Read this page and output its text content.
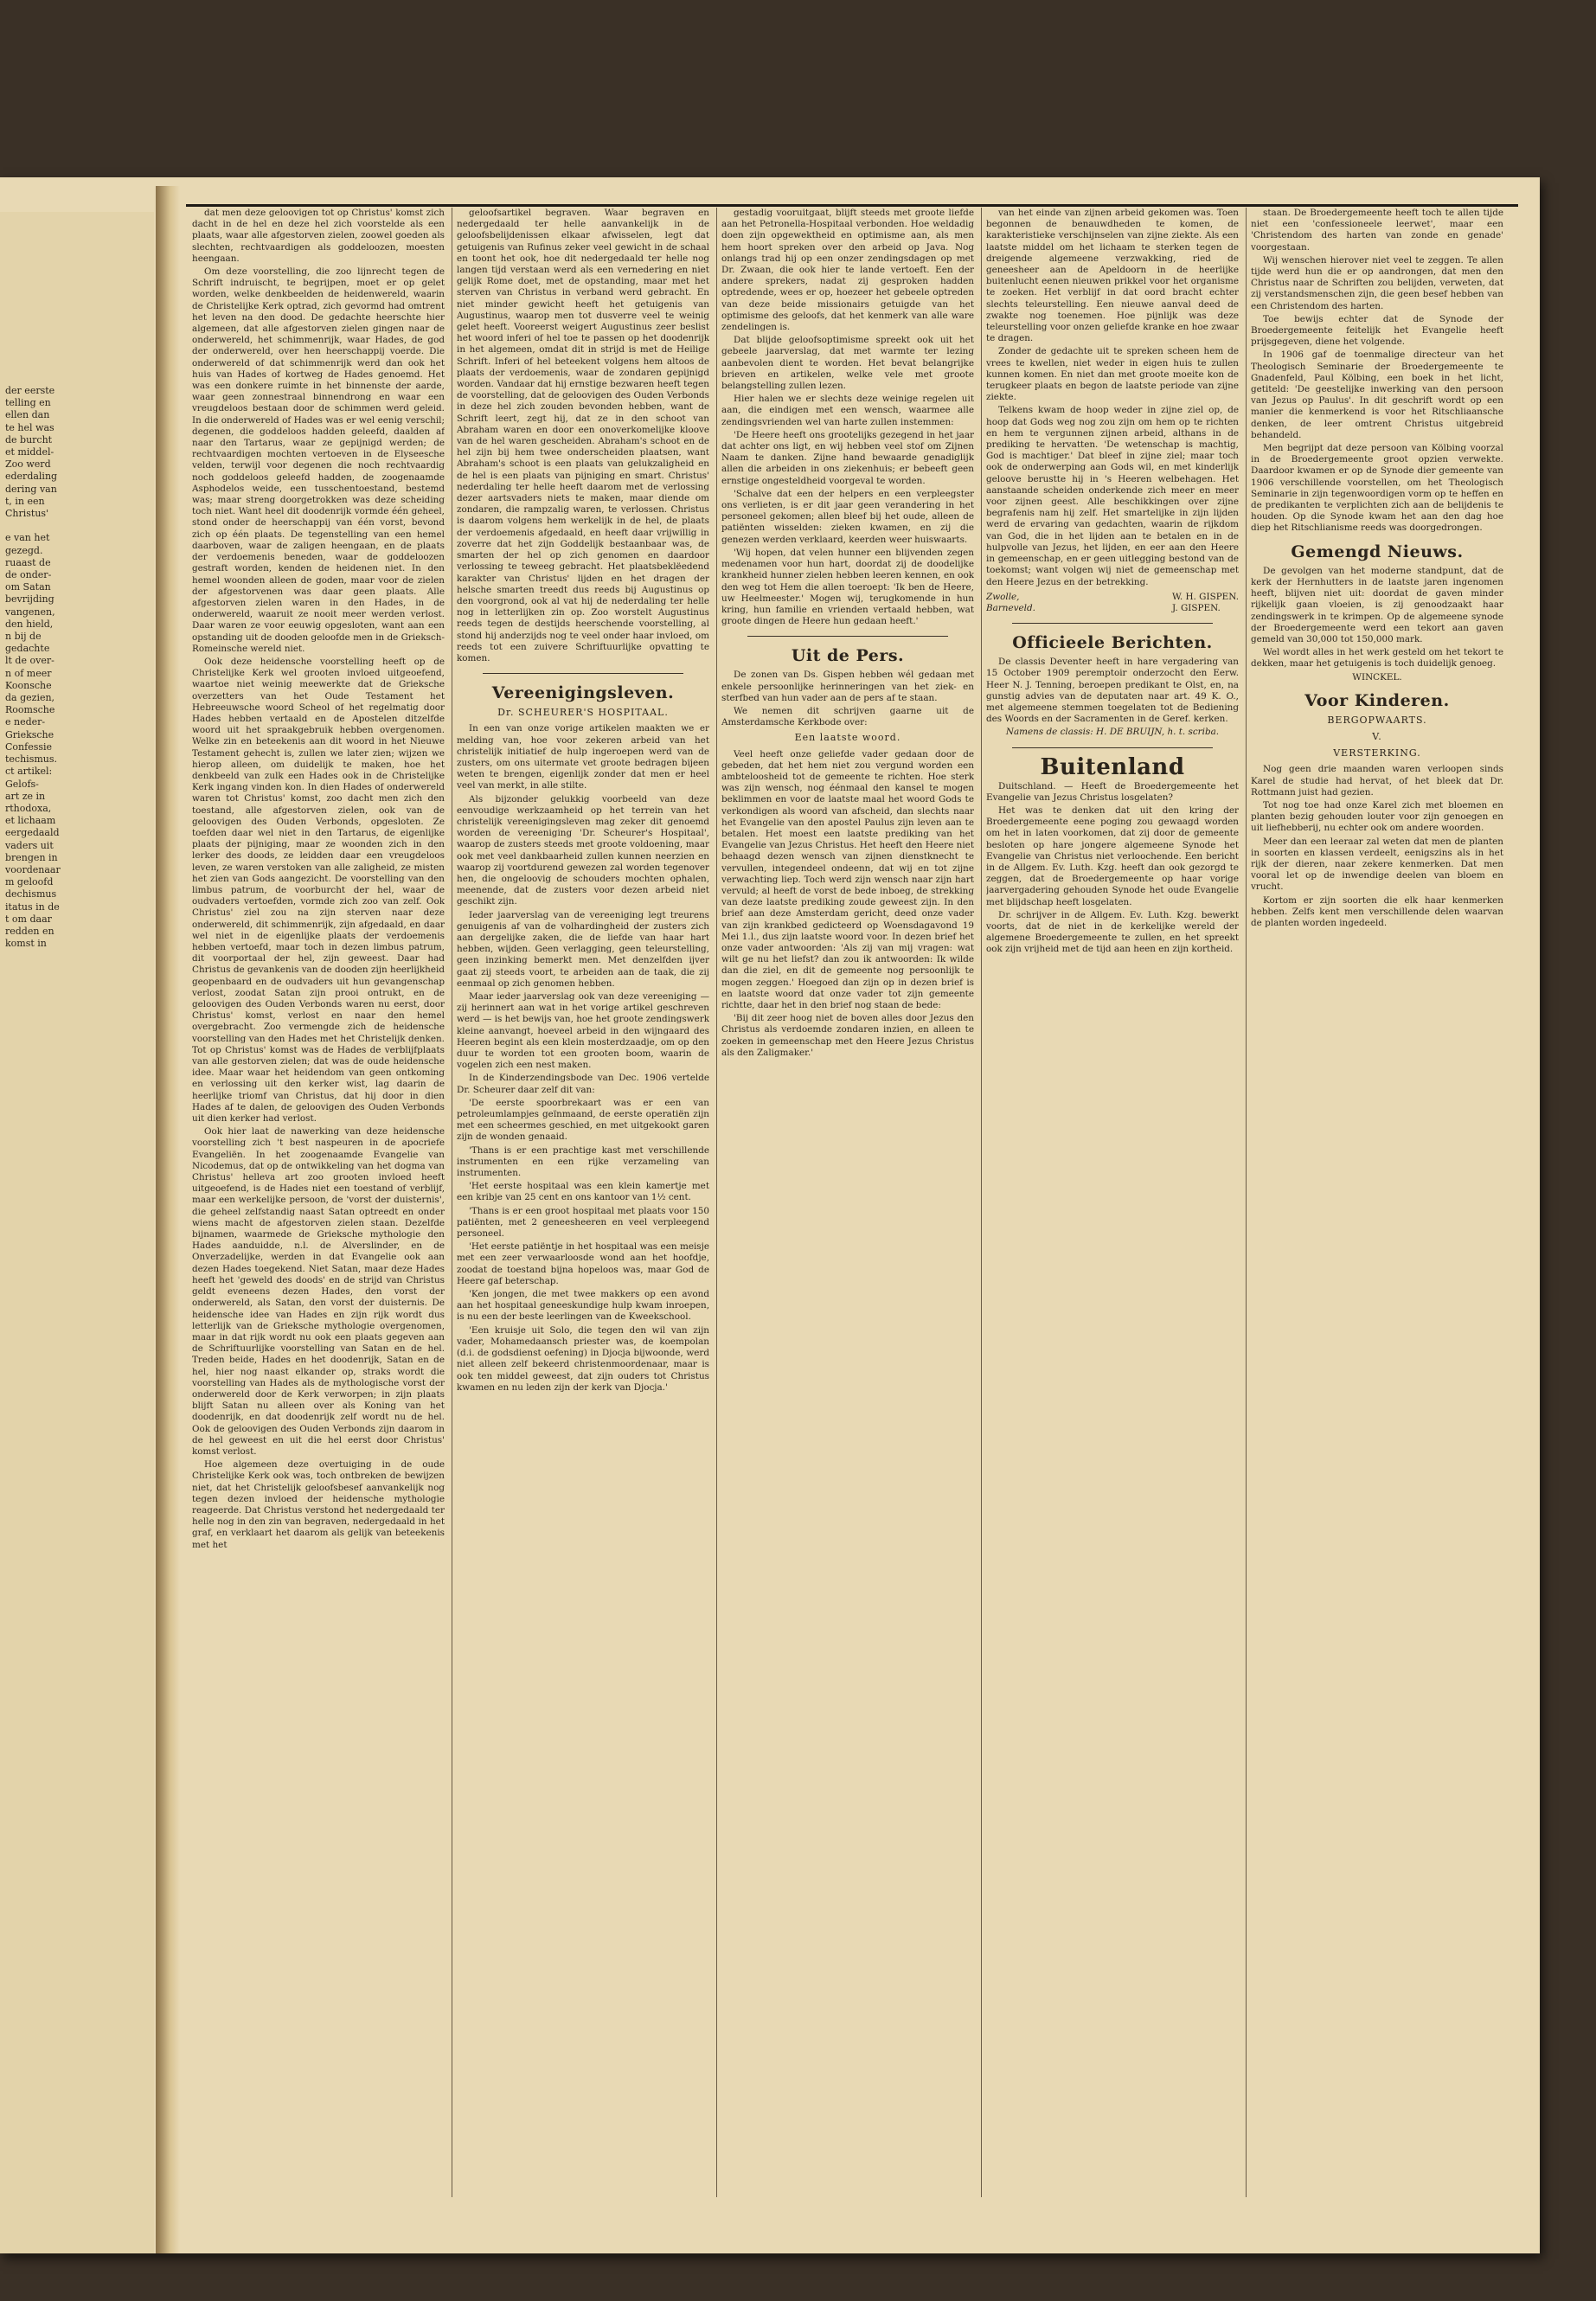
der eerste
telling en
ellen dan
te hel was
de burcht
et middel-
Zoo werd
ederdaling
dering van
t, in een
Christus'

e van het
gezegd.
ruaast de
de onder-
om Satan
bevrijding
vangenen,
den hield,
n bij de
gedachte
lt de over-
n of meer
Koonsche
da gezien,
Roomsche
e neder-
Grieksche
Confessie
techismus.
ct artikel:
Gelofs-
art ze in
rthodoxa,
et lichaam
eergedaald
vaders uit
brengen in
voordenaar
m geloofd
dechismus
itatus in de
t om daar
redden en
komst in

dat men deze geloovigen tot op Christus' komst zich dacht in de hel en deze hel zich voorstelde als een plaats, waar alle afgestorven zielen, zoowel goeden als slechten, rechtvaardigen als goddeloozen, moesten heengaan.

Om deze voorstelling, die zoo lijnrecht tegen de Schrift indruischt, te begrijpen, moet er op gelet worden, welke denkbeelden de heidenwereld, waarin de Christelijke Kerk optrad, zich gevormd had omtrent het leven na den dood. De gedachte heerschte hier algemeen, dat alle afgestorven zielen gingen naar de onderwereld, het schimmenrijk, waar Hades, de god der onderwereld, over hen heerschappij voerde. Die onderwereld of dat schimmenrijk werd dan ook het huis van Hades of kortweg de Hades genoemd. Het was een donkere ruimte in het binnenste der aarde, waar geen zonnestraal binnendrong en waar een vreugdeloos bestaan door de schimmen werd geleid. In die onderwereld of Hades was er wel eenig verschil; degenen, die goddeloos hadden geleefd, daalden af naar den Tartarus, waar ze gepijnigd werden; de rechtvaardigen mochten vertoeven in de Elyseesche velden, terwijl voor degenen die noch rechtvaardig noch goddeloos geleefd hadden, de zoogenaamde Asphodelos weide, een tusschentoestand, bestemd was; maar streng doorgetrokken was deze scheiding toch niet. Want heel dit doodenrijk vormde één geheel, stond onder de heerschappij van één vorst, bevond zich op één plaats. De tegenstelling van een hemel daarboven, waar de zaligen heengaan, en de plaats der verdoemenis beneden, waar de goddeloozen gestraft worden, kenden de heidenen niet. In den hemel woonden alleen de goden, maar voor de zielen der afgestorvenen was daar geen plaats. Alle afgestorven zielen waren in den Hades, in de onderwereld, waaruit ze nooit meer werden verlost. Daar waren ze voor eeuwig opgesloten, want aan een opstanding uit de dooden geloofde men in de Grieksch-Romeinsche wereld niet.

Ook deze heidensche voorstelling heeft op de Christelijke Kerk wel grooten invloed uitgeoefend, waartoe niet weinig meewerkte dat de Grieksche overzetters van het Oude Testament het Hebreeuwsche woord Scheol of het regelmatig door Hades hebben vertaald en de Apostelen ditzelfde woord uit het spraakgebruik hebben overgenomen. Welke zin en beteekenis aan dit woord in het Nieuwe Testament gehecht is, zullen we later zien; wijzen we hierop alleen, om duidelijk te maken, hoe het denkbeeld van zulk een Hades ook in de Christelijke Kerk ingang vinden kon. In dien Hades of onderwereld waren tot Christus' komst, zoo dacht men zich den toestand, alle afgestorven zielen, ook van de geloovigen des Ouden Verbonds, opgesloten. Ze toefden daar wel niet in den Tartarus, de eigenlijke plaats der pijniging, maar ze woonden zich in den lerker des doods, ze leidden daar een vreugdeloos leven, ze waren verstoken van alle zaligheid, ze misten het zien van Gods aangezicht. De voorstelling van den limbus patrum, de voorburcht der hel, waar de oudvaders vertoefden, vormde zich zoo van zelf. Ook Christus' ziel zou na zijn sterven naar deze onderwereld, dit schimmenrijk, zijn afgedaald, en daar wel niet in de eigenlijke plaats der verdoemenis hebben vertoefd, maar toch in dezen limbus patrum, dit voorportaal der hel, zijn geweest. Daar had Christus de gevankenis van de dooden zijn heerlijkheid geopenbaard en de oudvaders uit hun gevangenschap verlost, zoodat Satan zijn prooi ontrukt, en de geloovigen des Ouden Verbonds waren nu eerst, door Christus' komst, verlost en naar den hemel overgebracht. Zoo vermengde zich de heidensche voorstelling van den Hades met het Christelijk denken. Tot op Christus' komst was de Hades de verblijfplaats van alle gestorven zielen; dat was de oude heidensche idee. Maar waar het heidendom van geen ontkoming en verlossing uit den kerker wist, lag daarin de heerlijke triomf van Christus, dat hij door in dien Hades af te dalen, de geloovigen des Ouden Verbonds uit dien kerker had verlost.

Ook hier laat de nawerking van deze heidensche voorstelling zich 't best naspeuren in de apocriefe Evangeliën. In het zoogenaamde Evangelie van Nicodemus, dat op de ontwikkeling van het dogma van Christus' helleva art zoo grooten invloed heeft uitgeoefend, is de Hades niet een toestand of verblijf, maar een werkelijke persoon, de 'vorst der duisternis', die geheel zelfstandig naast Satan optreedt en onder wiens macht de afgestorven zielen staan. Dezelfde bijnamen, waarmede de Grieksche mythologie den Hades aanduidde, n.l. de Alverslinder, en de Onverzadelijke, werden in dat Evangelie ook aan dezen Hades toegekend. Niet Satan, maar deze Hades heeft het 'geweld des doods' en de strijd van Christus geldt eveneens dezen Hades, den vorst der onderwereld, als Satan, den vorst der duisternis. De heidensche idee van Hades en zijn rijk wordt dus letterlijk van de Grieksche mythologie overgenomen, maar in dat rijk wordt nu ook een plaats gegeven aan de Schriftuurlijke voorstelling van Satan en de hel. Treden beide, Hades en het doodenrijk, Satan en de hel, hier nog naast elkander op, straks wordt die voorstelling van Hades als de mythologische vorst der onderwereld door de Kerk verworpen; in zijn plaats blijft Satan nu alleen over als Koning van het doodenrijk, en dat doodenrijk zelf wordt nu de hel. Ook de geloovigen des Ouden Verbonds zijn daarom in de hel geweest en uit die hel eerst door Christus' komst verlost.

Hoe algemeen deze overtuiging in de oude Christelijke Kerk ook was, toch ontbreken de bewijzen niet, dat het Christelijk geloofsbesef aanvankelijk nog tegen dezen invloed der heidensche mythologie reageerde. Dat Christus verstond het nedergedaald ter helle nog in den zin van begraven, nedergedaald in het graf, en verklaart het daarom als gelijk van beteekenis met het

geloofsartikel begraven. Waar begraven en nedergedaald ter helle aanvankelijk in de geloofsbelijdenissen elkaar afwisselen, legt dat getuigenis van Rufinus zeker veel gewicht in de schaal en toont het ook, hoe dit nedergedaald ter helle nog langen tijd verstaan werd als een vernedering en niet gelijk Rome doet, met de opstanding, maar met het sterven van Christus in verband werd gebracht. En niet minder gewicht heeft het getuigenis van Augustinus, waarop men tot dusverre veel te weinig gelet heeft. Vooreerst weigert Augustinus zeer beslist het woord inferi of hel toe te passen op het doodenrijk in het algemeen, omdat dit in strijd is met de Heilige Schrift. Inferi of hel beteekent volgens hem altoos de plaats der verdoemenis, waar de zondaren gepijnigd worden. Vandaar dat hij ernstige bezwaren heeft tegen de voorstelling, dat de geloovigen des Ouden Verbonds in deze hel zich zouden bevonden hebben, want de Schrift leert, zegt hij, dat ze in den schoot van Abraham waren en door een onoverkomelijke kloove van de hel waren gescheiden. Abraham's schoot en de hel zijn bij hem twee onderscheiden plaatsen, want Abraham's schoot is een plaats van gelukzaligheid en de hel is een plaats van pijniging en smart. Christus' nederdaling ter helle heeft daarom met de verlossing dezer aartsvaders niets te maken, maar diende om zondaren, die rampzalig waren, te verlossen. Christus is daarom volgens hem werkelijk in de hel, de plaats der verdoemenis afgedaald, en heeft daar vrijwillig in zoverre dat het zijn Goddelijk bestaanbaar was, de smarten der hel op zich genomen en daardoor verlossing te teweeg gebracht. Het plaatsbeklëedend karakter van Christus' lijden en het dragen der helsche smarten treedt dus reeds bij Augustinus op den voorgrond, ook al vat hij de nederdaling ter helle nog in letterlijken zin op. Zoo worstelt Augustinus reeds tegen de destijds heerschende voorstelling, al stond hij anderzijds nog te veel onder haar invloed, om reeds tot een zuivere Schriftuurlijke opvatting te komen.

Vereenigingsleven.
Dr. SCHEURER'S HOSPITAAL.

In een van onze vorige artikelen maakten we er melding van, hoe voor zekeren arbeid van het christelijk initiatief de hulp ingeroepen werd van de zusters, om ons uitermate vet groote bedragen bijeen weten te brengen, eigenlijk zonder dat men er heel veel van merkt, in alle stilte.

Als bijzonder gelukkig voorbeeld van deze eenvoudige werkzaamheid op het terrein van het christelijk vereenigingsleven mag zeker dit genoemd worden de vereeniging 'Dr. Scheurer's Hospitaal', waarop de zusters steeds met groote voldoening, maar ook met veel dankbaarheid zullen kunnen neerzien en waarop zij voortdurend gewezen zal worden tegenover hen, die ongeloovig de schouders mochten ophalen, meenende, dat de zusters voor dezen arbeid niet geschikt zijn.

Ieder jaarverslag van de vereeniging legt treurens genuigenis af van de volhardingheid der zusters zich aan dergelijke zaken, die de liefde van haar hart hebben, wijden. Geen verlagging, geen teleurstelling, geen inzinking bemerkt men. Met denzelfden ijver gaat zij steeds voort, te arbeiden aan de taak, die zij eenmaal op zich genomen hebben.

Maar ieder jaarverslag ook van deze vereeniging — zij herinnert aan wat in het vorige artikel geschreven werd — is het bewijs van, hoe het groote zendingswerk kleine aanvangt, hoeveel arbeid in den wijngaard des Heeren begint als een klein mosterdzaadje, om op den duur te worden tot een grooten boom, waarin de vogelen zich een nest maken.

In de Kinderzendingsbode van Dec. 1906 vertelde Dr. Scheurer daar zelf dit van:

'De eerste spoorbrekaart was er een van petroleumlampjes geïnmaand, de eerste operatiën zijn met een scheermes geschied, en met uitgekookt garen zijn de wonden genaaid.

'Thans is er een prachtige kast met verschillende instrumenten en een rijke verzameling van instrumenten.

'Het eerste hospitaal was een klein kamertje met een kribje van 25 cent en ons kantoor van 1½ cent.

'Thans is er een groot hospitaal met plaats voor 150 patiënten, met 2 geneesheeren en veel verpleegend personeel.

'Het eerste patiëntje in het hospitaal was een meisje met een zeer verwaarloosde wond aan het hoofdje, zoodat de toestand bijna hopeloos was, maar God de Heere gaf beterschap.

'Ken jongen, die met twee makkers op een avond aan het hospitaal geneeskundige hulp kwam inroepen, is nu een der beste leerlingen van de Kweekschool.

'Een kruisje uit Solo, die tegen den wil van zijn vader, Mohamedaansch priester was, de koempolan (d.i. de godsdienst oefening) in Djocja bijwoonde, werd niet alleen zelf bekeerd christenmoordenaar, maar is ook ten middel geweest, dat zijn ouders tot Christus kwamen en nu leden zijn der kerk van Djocja.'

gestadig vooruitgaat, blijft steeds met groote liefde aan het Petronella-Hospitaal verbonden. Hoe weldadig doen zijn opgewektheid en optimisme aan, als men hem hoort spreken over den arbeid op Java. Nog onlangs trad hij op een onzer zendingsdagen op met Dr. Zwaan, die ook hier te lande vertoeft. Een der andere sprekers, nadat zij gesproken hadden optredende, wees er op, hoezeer het gebeele optreden van deze beide missionairs getuigde van het optimisme des geloofs, dat het kenmerk van alle ware zendelingen is.

Dat blijde geloofsoptimisme spreekt ook uit het gebeele jaarverslag, dat met warmte ter lezing aanbevolen dient te worden. Het bevat belangrijke brieven en artikelen, welke vele met groote belangstelling zullen lezen.

Hier halen we er slechts deze weinige regelen uit aan, die eindigen met een wensch, waarmee alle zendingsvrienden wel van harte zullen instemmen:

'De Heere heeft ons grootelijks gezegend in het jaar dat achter ons ligt, en wij hebben veel stof om Zijnen Naam te danken. Zijne hand bewaarde genadiglijk allen die arbeiden in ons ziekenhuis; er bebeeft geen ernstige ongesteldheid voorgeval te worden.

'Schalve dat een der helpers en een verpleegster ons verlieten, is er dit jaar geen verandering in het personeel gekomen; allen bleef bij het oude, alleen de patiënten wisselden: zieken kwamen, en zij die genezen werden verklaard, keerden weer huiswaarts.

'Wij hopen, dat velen hunner een blijvenden zegen medenamen voor hun hart, doordat zij de doodelijke krankheid hunner zielen hebben leeren kennen, en ook den weg tot Hem die allen toeroept: 'Ik ben de Heere, uw Heelmeester.' Mogen wij, terugkomende in hun kring, hun familie en vrienden vertaald hebben, wat groote dingen de Heere hun gedaan heeft.'

Uit de Pers.

De zonen van Ds. Gispen hebben wél gedaan met enkele persoonlijke herinneringen van het ziek- en sterfbed van hun vader aan de pers af te staan.

We nemen dit schrijven gaarne uit de Amsterdamsche Kerkbode over:

Een laatste woord.

Veel heeft onze geliefde vader gedaan door de gebeden, dat het hem niet zou vergund worden een ambteloosheid tot de gemeente te richten. Hoe sterk was zijn wensch, nog éénmaal den kansel te mogen beklimmen en voor de laatste maal het woord Gods te verkondigen als woord van afscheid, dan slechts naar het Evangelie van den apostel Paulus zijn leven aan te betalen. Het moest een laatste prediking van het Evangelie van Jezus Christus. Het heeft den Heere niet behaagd dezen wensch van zijnen dienstknecht te vervullen, integendeel ondeenn, dat wij en tot zijne verwachting liep. Toch werd zijn wensch naar zijn hart vervuld; al heeft de vorst de bede inboeg, de strekking van deze laatste prediking zoude geweest zijn. In den brief aan deze Amsterdam gericht, deed onze vader van zijn krankbed gedicteerd op Woensdagavond 19 Mei 1.l., dus zijn laatste woord voor. In dezen brief het onze vader antwoorden: 'Als zij van mij vragen: wat wilt ge nu het liefst? dan zou ik antwoorden: Ik wilde dan die ziel, en dit de gemeente nog persoonlijk te mogen zeggen.' Hoegoed dan zijn op in dezen brief is en laatste woord dat onze vader tot zijn gemeente richtte, daar het in den brief nog staan de bede:

'Bij dit zeer hoog niet de boven alles door Jezus den Christus als verdoemde zondaren inzien, en alleen te zoeken in gemeenschap met den Heere Jezus Christus als den Zaligmaker.'

van het einde van zijnen arbeid gekomen was. Toen begonnen de benauwdheden te komen, de karakteristieke verschijnselen van zijne ziekte. Als een laatste middel om het lichaam te sterken tegen de dreigende algemeene verzwakking, ried de geneesheer aan de Apeldoorn in de heerlijke buitenlucht eenen nieuwen prikkel voor het organisme te zoeken. Het verblijf in dat oord bracht echter slechts teleurstelling. Een nieuwe aanval deed de zwakte nog toenemen. Hoe pijnlijk was deze teleurstelling voor onzen geliefde kranke en hoe zwaar te dragen.

Zonder de gedachte uit te spreken scheen hem de vrees te kwellen, niet weder in eigen huis te zullen kunnen komen. En niet dan met groote moeite kon de terugkeer plaats en begon de laatste periode van zijne ziekte.

Telkens kwam de hoop weder in zijne ziel op, de hoop dat Gods weg nog zou zijn om hem op te richten en hem te vergunnen zijnen arbeid, althans in de prediking te hervatten. 'De wetenschap is machtig, God is machtiger.' Dat bleef in zijne ziel; maar toch ook de onderwerping aan Gods wil, en met kinderlijk geloove berustte hij in 's Heeren welbehagen. Het aanstaande scheiden onderkende zich meer en meer voor zijnen geest. Alle beschikkingen over zijne begrafenis nam hij zelf. Het smartelijke in zijn lijden werd de ervaring van gedachten, waarin de rijkdom van God, die in het lijden aan te betalen en in de hulpvolle van Jezus, het lijden, en eer aan den Heere in gemeenschap, en er geen uitlegging bestond van de toekomst; want volgen wij niet de gemeenschap met den Heere Jezus en der betrekking.

Zwolle,
Barneveld.
W. H. GISPEN.
J. GISPEN.
Officieele Berichten.

De classis Deventer heeft in hare vergadering van 15 October 1909 peremptoir onderzocht den Eerw. Heer N. J. Tenning, beroepen predikant te Olst, en, na gunstig advies van de deputaten naar art. 49 K. O., met algemeene stemmen toegelaten tot de Bediening des Woords en der Sacramenten in de Geref. kerken.

Namens de classis: H. DE BRUIJN, h. t. scriba.

Buitenland

Duitschland. — Heeft de Broedergemeente het Evangelie van Jezus Christus losgelaten?

Het was te denken dat uit den kring der Broedergemeente eene poging zou gewaagd worden om het in laten voorkomen, dat zij door de gemeente besloten op hare jongere algemeene Synode het Evangelie van Christus niet verloochende. Een bericht in de Allgem. Ev. Luth. Kzg. heeft dan ook gezorgd te zeggen, dat de Broedergemeente op haar vorige jaarvergadering gehouden Synode het oude Evangelie met blijdschap heeft losgelaten.

Dr. schrijver in de Allgem. Ev. Luth. Kzg. bewerkt voorts, dat de niet in de kerkelijke wereld der algemene Broedergemeente te zullen, en het spreekt ook zijn vrijheid met de tijd aan heen en zijn kortheid.

staan. De Broedergemeente heeft toch te allen tijde niet een 'confessioneele leerwet', maar een 'Christendom des harten van zonde en genade' voorgestaan.

Wij wenschen hierover niet veel te zeggen. Te allen tijde werd hun die er op aandrongen, dat men den Christus naar de Schriften zou belijden, verweten, dat zij verstandsmenschen zijn, die geen besef hebben van een Christendom des harten.

Toe bewijs echter dat de Synode der Broedergemeente feitelijk het Evangelie heeft prijsgegeven, diene het volgende.

In 1906 gaf de toenmalige directeur van het Theologisch Seminarie der Broedergemeente te Gnadenfeld, Paul Kölbing, een boek in het licht, getiteld: 'De geestelijke inwerking van den persoon van Jezus op Paulus'. In dit geschrift wordt op een manier die kenmerkend is voor het Ritschliaansche denken, de leer omtrent Christus uitgebreid behandeld.

Men begrijpt dat deze persoon van Kölbing voorzal in de Broedergemeente groot opzien verwekte. Daardoor kwamen er op de Synode dier gemeente van 1906 verschillende voorstellen, om het Theologisch Seminarie in zijn tegenwoordigen vorm op te heffen en de predikanten te verplichten zich aan de belijdenis te houden. Op die Synode kwam het aan den dag hoe diep het Ritschlianisme reeds was doorgedrongen.

Gemengd Nieuws.

De gevolgen van het moderne standpunt, dat de kerk der Hernhutters in de laatste jaren ingenomen heeft, blijven niet uit: doordat de gaven minder rijkelijk gaan vloeien, is zij genoodzaakt haar zendingswerk in te krimpen. Op de algemeene synode der Broedergemeente werd een tekort aan gaven gemeld van 30,000 tot 150,000 mark.

Wel wordt alles in het werk gesteld om het tekort te dekken, maar het getuigenis is toch duidelijk genoeg.

WINCKEL.

Voor Kinderen.
BERGOPWAARTS.
V.
VERSTERKING.

Nog geen drie maanden waren verloopen sinds Karel de studie had hervat, of het bleek dat Dr. Rottmann juist had gezien.

Tot nog toe had onze Karel zich met bloemen en planten bezig gehouden louter voor zijn genoegen en uit liefhebberij, nu echter ook om andere woorden.

Meer dan een leeraar zal weten dat men de planten in soorten en klassen verdeelt, eenigszins als in het rijk der dieren, naar zekere kenmerken. Dat men vooral let op de inwendige deelen van bloem en vrucht.

Kortom er zijn soorten die elk haar kenmerken hebben. Zelfs kent men verschillende delen waarvan de planten worden ingedeeld.
